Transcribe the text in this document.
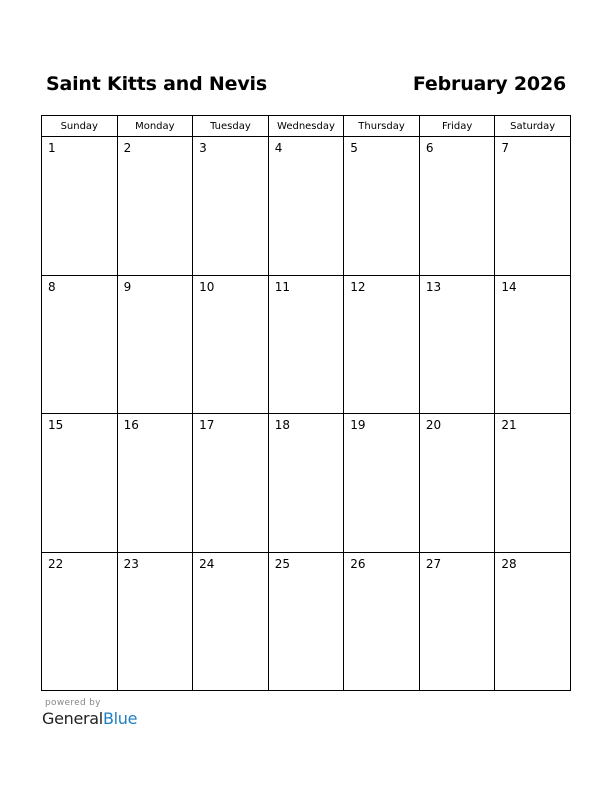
Saint Kitts and Nevis	February 2026
Sunday	Monday	Tuesday	Wednesday	Thursday	Friday	Saturday

1	2	3	4	5	6	7

8	9	10	11	12	13	14

15	16	17	18	19	20	21

22	23	24	25	26	27	28
powered by
GeneralBlue
